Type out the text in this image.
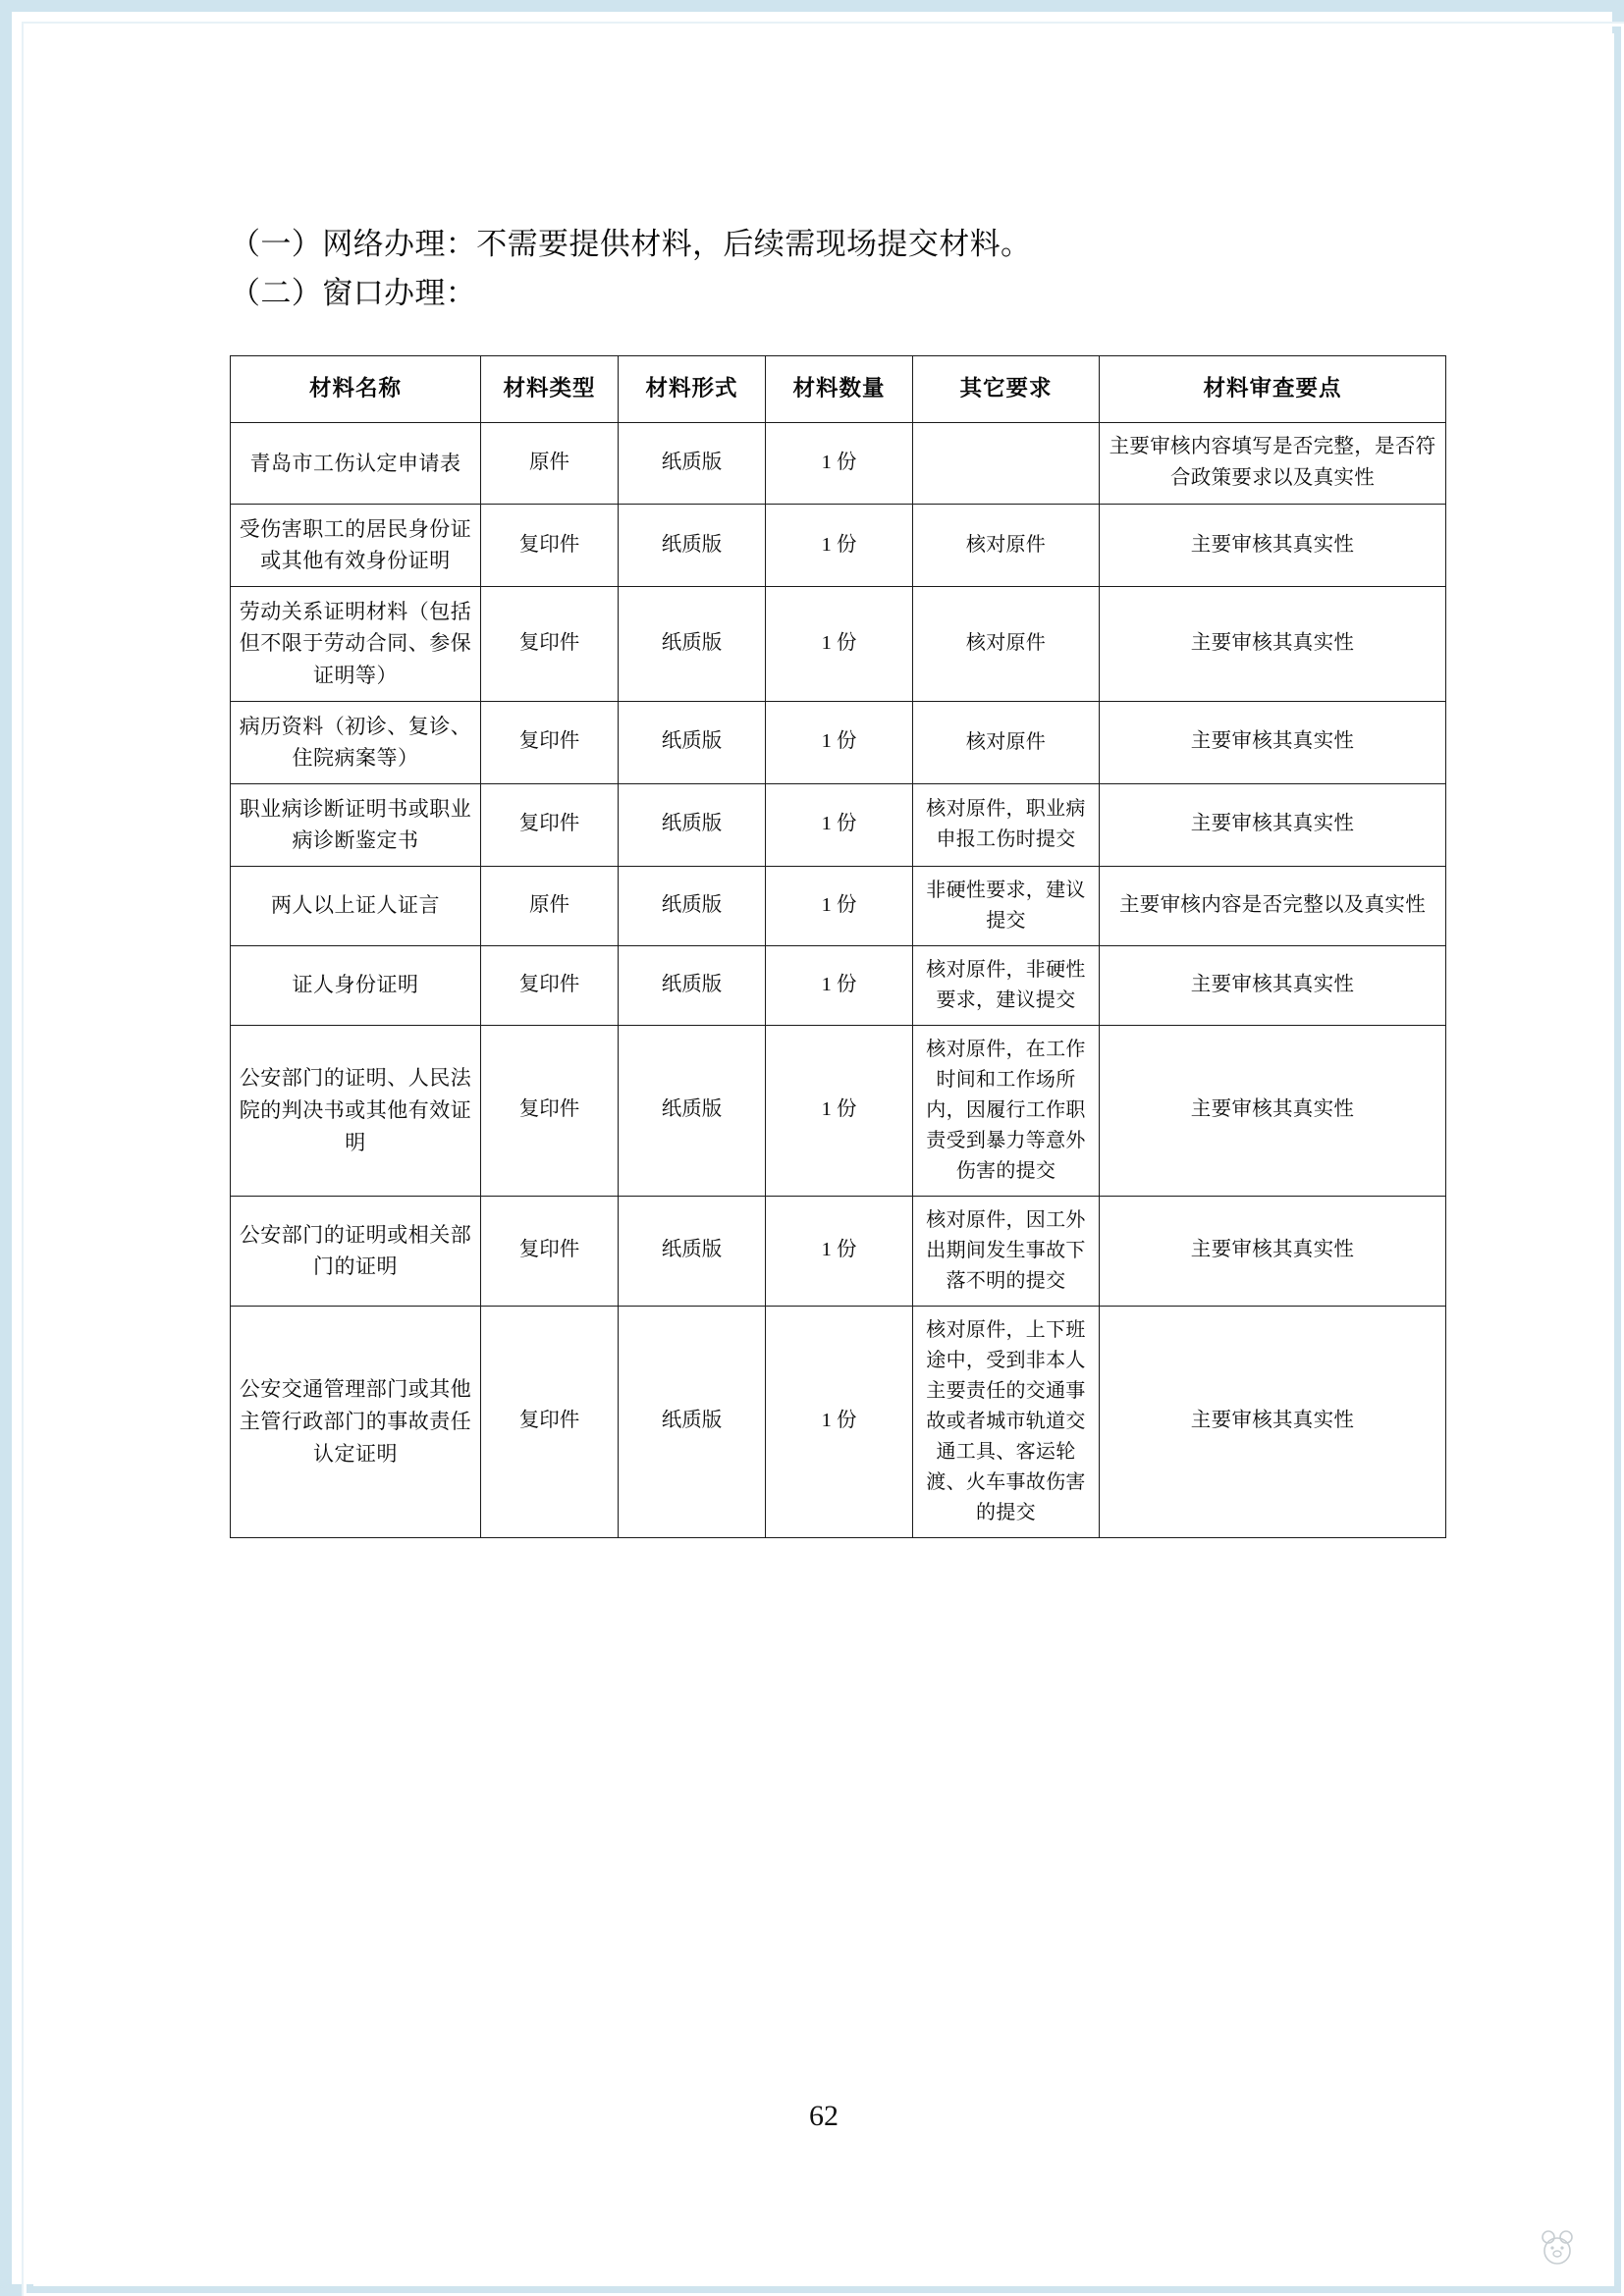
（一）网络办理：不需要提供材料，后续需现场提交材料。
（二）窗口办理：
材料名称	材料类型	材料形式	材料数量	其它要求	材料审查要点
青岛市工伤认定申请表	原件	纸质版	1 份		主要审核内容填写是否完整，是否符合政策要求以及真实性
受伤害职工的居民身份证或其他有效身份证明	复印件	纸质版	1 份	核对原件	主要审核其真实性
劳动关系证明材料（包括但不限于劳动合同、参保证明等）	复印件	纸质版	1 份	核对原件	主要审核其真实性
病历资料（初诊、复诊、住院病案等）	复印件	纸质版	1 份	核对原件	主要审核其真实性
职业病诊断证明书或职业病诊断鉴定书	复印件	纸质版	1 份	核对原件，职业病申报工伤时提交	主要审核其真实性
两人以上证人证言	原件	纸质版	1 份	非硬性要求，建议提交	主要审核内容是否完整以及真实性
证人身份证明	复印件	纸质版	1 份	核对原件，非硬性要求，建议提交	主要审核其真实性
公安部门的证明、人民法院的判决书或其他有效证明	复印件	纸质版	1 份	核对原件，在工作时间和工作场所内，因履行工作职责受到暴力等意外伤害的提交	主要审核其真实性
公安部门的证明或相关部门的证明	复印件	纸质版	1 份	核对原件，因工外出期间发生事故下落不明的提交	主要审核其真实性
公安交通管理部门或其他主管行政部门的事故责任认定证明	复印件	纸质版	1 份	核对原件，上下班途中，受到非本人主要责任的交通事故或者城市轨道交通工具、客运轮渡、火车事故伤害的提交	主要审核其真实性
62
